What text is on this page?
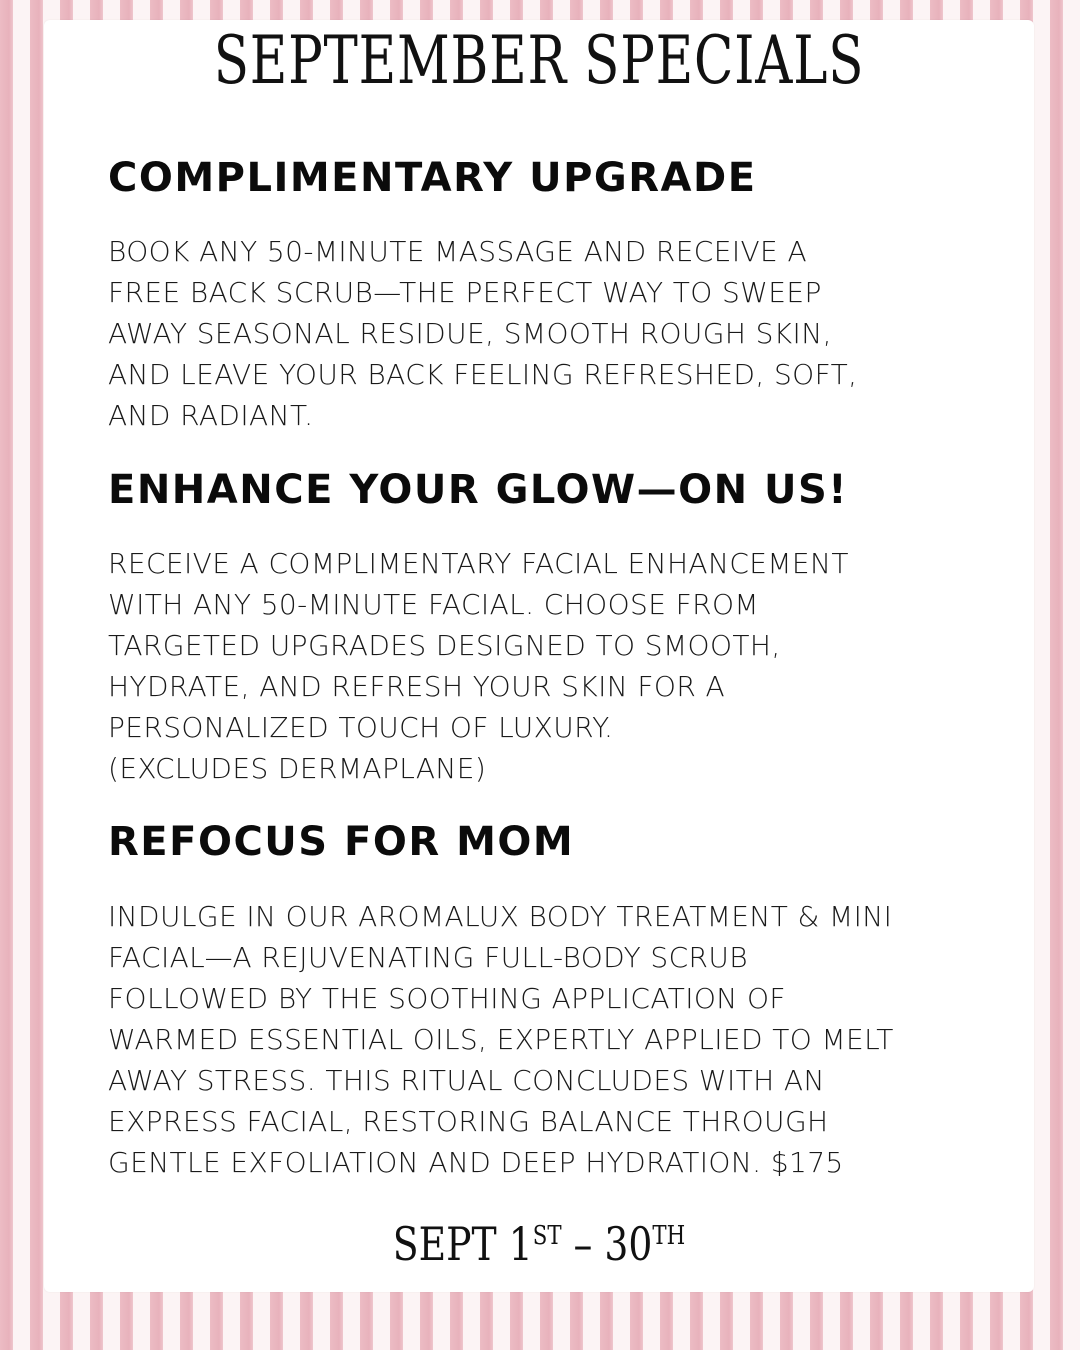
SEPTEMBER SPECIALS
COMPLIMENTARY UPGRADE
BOOK ANY 50-MINUTE MASSAGE AND RECEIVE A
FREE BACK SCRUB—THE PERFECT WAY TO SWEEP
AWAY SEASONAL RESIDUE, SMOOTH ROUGH SKIN,
AND LEAVE YOUR BACK FEELING REFRESHED, SOFT,
AND RADIANT.
ENHANCE YOUR GLOW—ON US!
RECEIVE A COMPLIMENTARY FACIAL ENHANCEMENT
WITH ANY 50-MINUTE FACIAL. CHOOSE FROM
TARGETED UPGRADES DESIGNED TO SMOOTH,
HYDRATE, AND REFRESH YOUR SKIN FOR A
PERSONALIZED TOUCH OF LUXURY.
(EXCLUDES DERMAPLANE)
REFOCUS FOR MOM
INDULGE IN OUR AROMALUX BODY TREATMENT & MINI
FACIAL—A REJUVENATING FULL-BODY SCRUB
FOLLOWED BY THE SOOTHING APPLICATION OF
WARMED ESSENTIAL OILS, EXPERTLY APPLIED TO MELT
AWAY STRESS. THIS RITUAL CONCLUDES WITH AN
EXPRESS FACIAL, RESTORING BALANCE THROUGH
GENTLE EXFOLIATION AND DEEP HYDRATION. $175
SEPT 1ST – 30TH
